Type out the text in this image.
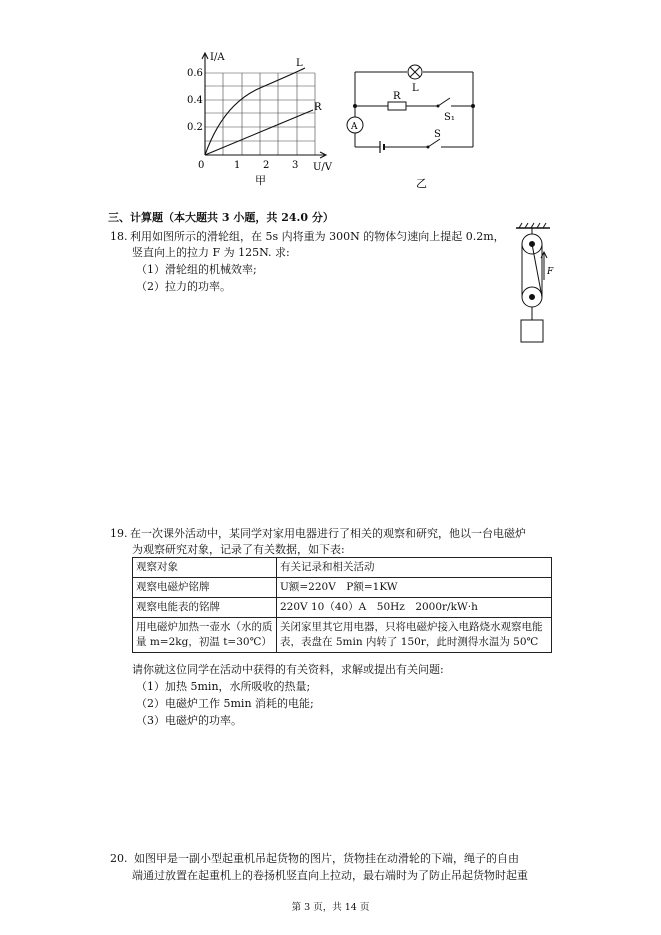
I/A
U/V
0.6
0.4
0.2
0	1 2 3
L
R
甲
L
R
S₁
S
A
乙
三、计算题（本大题共 3 小题，共 24.0 分）
18. 利用如图所示的滑轮组，在 5s 内将重为 300N 的物体匀速向上提起 0.2m，
竖直向上的拉力 F 为 125N. 求:
（1）滑轮组的机械效率;
（2）拉力的功率。
F
19. 在一次课外活动中，某同学对家用电器进行了相关的观察和研究，他以一台电磁炉
为观察研究对象，记录了有关数据，如下表:
观察对象	有关记录和相关活动
观察电磁炉铭牌	U额=220V　P额=1KW
观察电能表的铭牌	220V 10（40）A　50Hz　2000r/kW·h
用电磁炉加热一壶水（水的质量 m=2kg，初温 t=30℃）	关闭家里其它用电器，只将电磁炉接入电路烧水观察电能表，表盘在 5min 内转了 150r，此时测得水温为 50℃
请你就这位同学在活动中获得的有关资料，求解或提出有关问题:
（1）加热 5min，水所吸收的热量;
（2）电磁炉工作 5min 消耗的电能;
（3）电磁炉的功率。
20. 如图甲是一副小型起重机吊起货物的图片，货物挂在动滑轮的下端，绳子的自由
端通过放置在起重机上的卷扬机竖直向上拉动，最右端时为了防止吊起货物时起重
第 3 页，共 14 页
